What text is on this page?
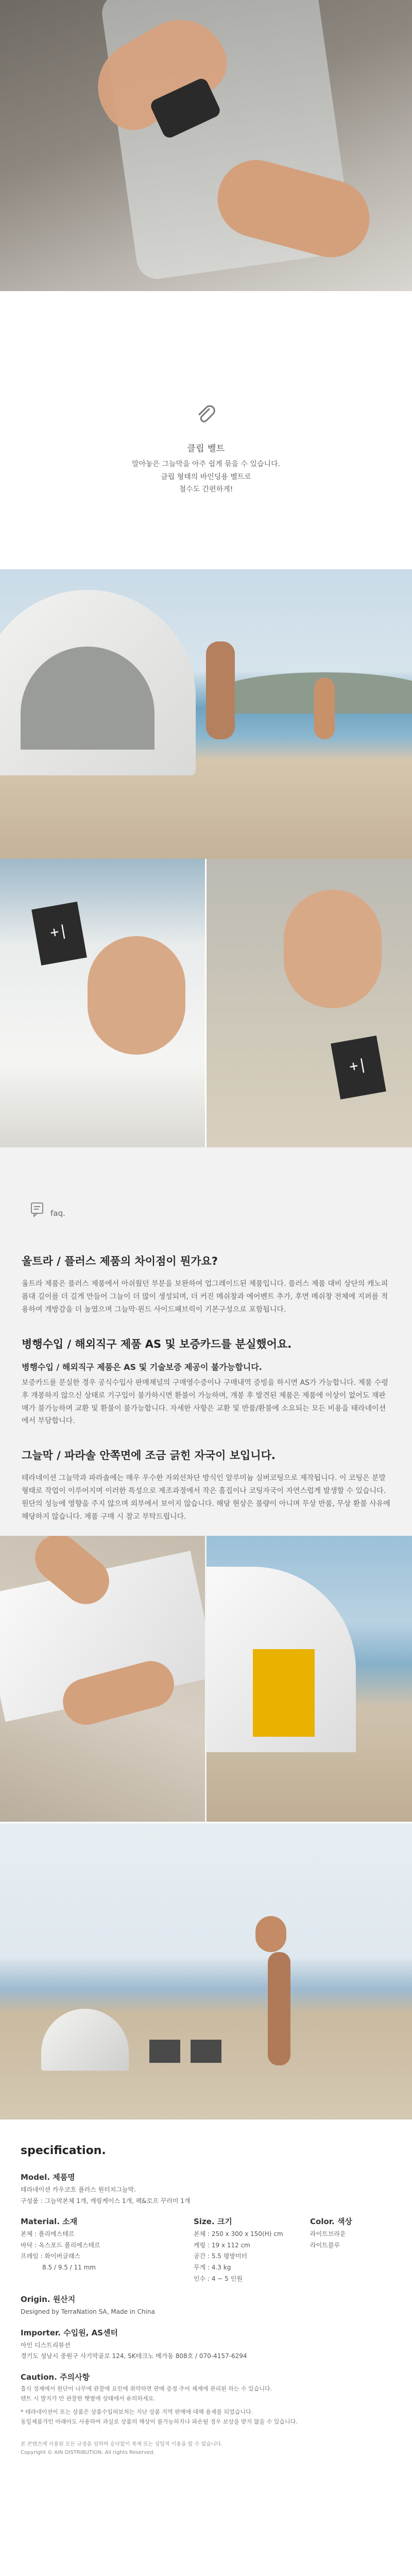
클립 벨트
말아놓은 그늘막을 아주 쉽게 묶을 수 있습니다.
클립 형태의 바인딩용 벨트로
철수도 간편하게!
+|
+|
faq.
울트라 / 플러스 제품의 차이점이 뭔가요?
울트라 제품은 플러스 제품에서 아쉬웠던 부분을 보완하여 업그레이드된 제품입니다. 플러스 제품 대비 상단의 캐노피 폼대 길이를 더 길게 만들어 그늘이 더 많이 생성되며, 더 커진 메쉬창과 에어벤트 추가, 후면 메쉬창 전체에 지퍼를 적용하여 개방감을 더 높였으며 그늘막·윈드 사이드패브릭이 기본구성으로 포함됩니다.
병행수입 / 해외직구 제품 AS 및 보증카드를 분실했어요.
병행수입 / 해외직구 제품은 AS 및 기술보증 제공이 불가능합니다.
보증카드를 분실한 경우 공식수입사 판매채널의 구매영수증이나 구매내역 증빙을 하시면 AS가 가능합니다. 제품 수령 후 개봉하지 않으신 상태로 기구입이 불가하시면 환불이 가능하며, 개봉 후 발견된 제품은 제품에 이상이 없어도 재판매가 불가능하며 교환 및 환불이 불가능합니다. 자세한 사항은 교환 및 반품/환불에 소요되는 모든 비용을 태라네이션에서 부담합니다.
그늘막 / 파라솔 안쪽면에 조금 긁힌 자국이 보입니다.
테라네이션 그늘막과 파라솔에는 매우 우수한 자외선차단 방식인 알루미늄 실버코팅으로 제작됩니다. 이 코팅은 분말형태로 작업이 이루어지며 이러한 특성으로 제조과정에서 작은 흠집이나 코팅자국이 자연스럽게 발생할 수 있습니다. 원단의 성능에 영향을 주지 않으며 외부에서 보이지 않습니다. 해당 현상은 불량이 아니며 무상 반품, 무상 환불 사유에 해당하지 않습니다. 제품 구매 시 참고 부탁드립니다.
specification.
Model. 제품명

테라네이션 카우코흐 플러스 원터치그늘막.

구성품 : 그늘막본체 1개, 캐링케이스 1개, 팩&로프 꾸러미 1개

Material. 소재

본체 : 폴리에스테르

바닥 : 옥스포드 폴리에스테르

프레임 : 화이버글래스

8.5 / 9.5 / 11 mm

Size. 크기

본체 : 250 x 300 x 150(H) cm

케링 : 19 x 112 cm

공간 : 5.5 평방미터

무게 : 4.3 kg

인수 : 4 ~ 5 인원

Color. 색상

라이트브라운

라이트블루

Origin. 원산지

Designed by TerraNation SA, Made in China

Importer. 수입원, AS센터

아인 디스트리뷰션

경기도 성남시 중원구 사기막골로 124, SK테크노 메가동 808호 / 070-4157-6294

Caution. 주의사항

흡식 정제에서 원단이 나무에 관찰에 요인에 취약하면 판매 증정 주어 체계에 관리된 하는 수 있습니다.

텐트 시 발지가 안 관찰한 햇볕에 상태에서 유의하세요.

* 테라네이션이 또는 상품은 상품수입허보처는 지난 상품 지역 판매에 대해 용제를 되었습니다.

동일제품가인 아래아도 사용하여 과실로 상품의 해상이 불가능하지나 파손될 경우 보상을 받지 않을 수 있습니다.

본 콘텐츠에 사용된 모든 규정을 임하며 승낙없이 복제 또는 상업적 이용을 할 수 없습니다.
Copyright © AIN DISTRIBUTION. All rights Reserved.
